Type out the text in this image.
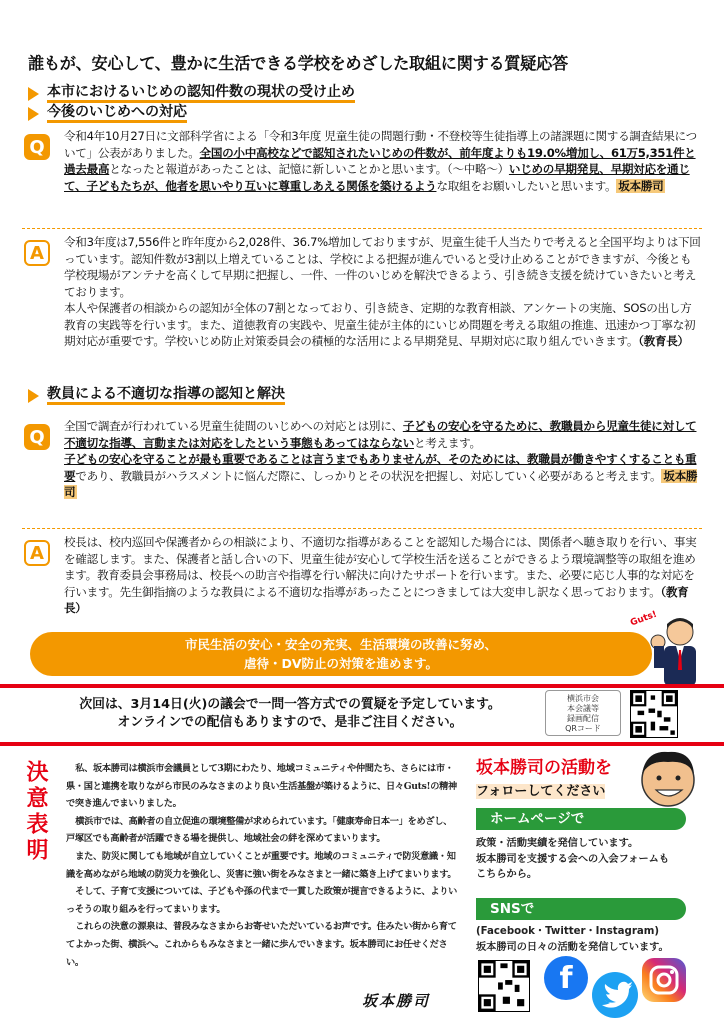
誰もが、安心して、豊かに生活できる学校をめざした取組に関する質疑応答
本市におけるいじめの認知件数の現状の受け止め
今後のいじめへの対応
Q
令和4年10月27日に文部科学省による「令和3年度 児童生徒の問題行動・不登校等生徒指導上の諸課題に関する調査結果について」公表がありました。全国の小中高校などで認知されたいじめの件数が、前年度よりも19.0%増加し、61万5,351件と過去最高となったと報道があったことは、記憶に新しいことかと思います。（〜中略〜）いじめの早期発見、早期対応を通じて、子どもたちが、他者を思いやり互いに尊重しあえる関係を築けるような取組をお願いしたいと思います。 坂本勝司
A
令和3年度は7,556件と昨年度から2,028件、36.7%増加しておりますが、児童生徒千人当たりで考えると全国平均よりは下回っています。認知件数が3割以上増えていることは、学校による把握が進んでいると受け止めることができますが、今後とも学校現場がアンテナを高くして早期に把握し、一件、一件のいじめを解決できるよう、引き続き支援を続けていきたいと考えております。
本人や保護者の相談からの認知が全体の7割となっており、引き続き、定期的な教育相談、アンケートの実施、SOSの出し方教育の実践等を行います。また、道徳教育の実践や、児童生徒が主体的にいじめ問題を考える取組の推進、迅速かつ丁寧な初期対応が重要です。学校いじめ防止対策委員会の積極的な活用による早期発見、早期対応に取り組んでいきます。（教育長）
教員による不適切な指導の認知と解決
Q
全国で調査が行われている児童生徒間のいじめへの対応とは別に、子どもの安心を守るために、教職員から児童生徒に対して不適切な指導、言動または対応をしたという事態もあってはならないと考えます。
子どもの安心を守ることが最も重要であることは言うまでもありませんが、そのためには、教職員が働きやすくすることも重要であり、教職員がハラスメントに悩んだ際に、しっかりとその状況を把握し、対応していく必要があると考えます。 坂本勝司
A
校長は、校内巡回や保護者からの相談により、不適切な指導があることを認知した場合には、関係者へ聴き取りを行い、事実を確認します。また、保護者と話し合いの下、児童生徒が安心して学校生活を送ることができるよう環境調整等の取組を進めます。教育委員会事務局は、校長への助言や指導を行い解決に向けたサポートを行います。また、必要に応じ人事的な対応を行います。先生御指摘のような教員による不適切な指導があったことにつきましては大変申し訳なく思っております。（教育長）
市民生活の安心・安全の充実、生活環境の改善に努め、
虐待・DV防止の対策を進めます。
Guts!
次回は、3月14日(火)の議会で一問一答方式での質疑を予定しています。
オンラインでの配信もありますので、是非ご注目ください。
横浜市会
本会議等
録画配信
QRコード
決意表明	私、坂本勝司は横浜市会議員として3期にわたり、地域コミュニティや仲間たち、さらには市・県・国と連携を取りながら市民のみなさまのより良い生活基盤が築けるように、日々Guts!の精神で突き進んでまいりました。

横浜市では、高齢者の自立促進の環境整備が求められています。「健康寿命日本一」をめざし、戸塚区でも高齢者が活躍できる場を提供し、地域社会の絆を深めてまいります。

また、防災に関しても地域が自立していくことが重要です。地域のコミュニティで防災意識・知識を高めながら地域の防災力を強化し、災害に強い街をみなさまと一緒に築き上げてまいります。

そして、子育て支援については、子どもや孫の代まで一貫した政策が提言できるように、よりいっそうの取り組みを行ってまいります。

これらの決意の源泉は、普段みなさまからお寄せいただいているお声です。住みたい街から育ててよかった街、横浜へ。これからもみなさまと一緒に歩んでいきます。坂本勝司にお任せください。

坂本勝司
坂本勝司の活動を
フォローしてください
ホームページで
政策・活動実績を発信しています。
坂本勝司を支援する会への入会フォームも
こちらから。
SNSで
(Facebook・Twitter・Instagram)
坂本勝司の日々の活動を発信しています。
f
